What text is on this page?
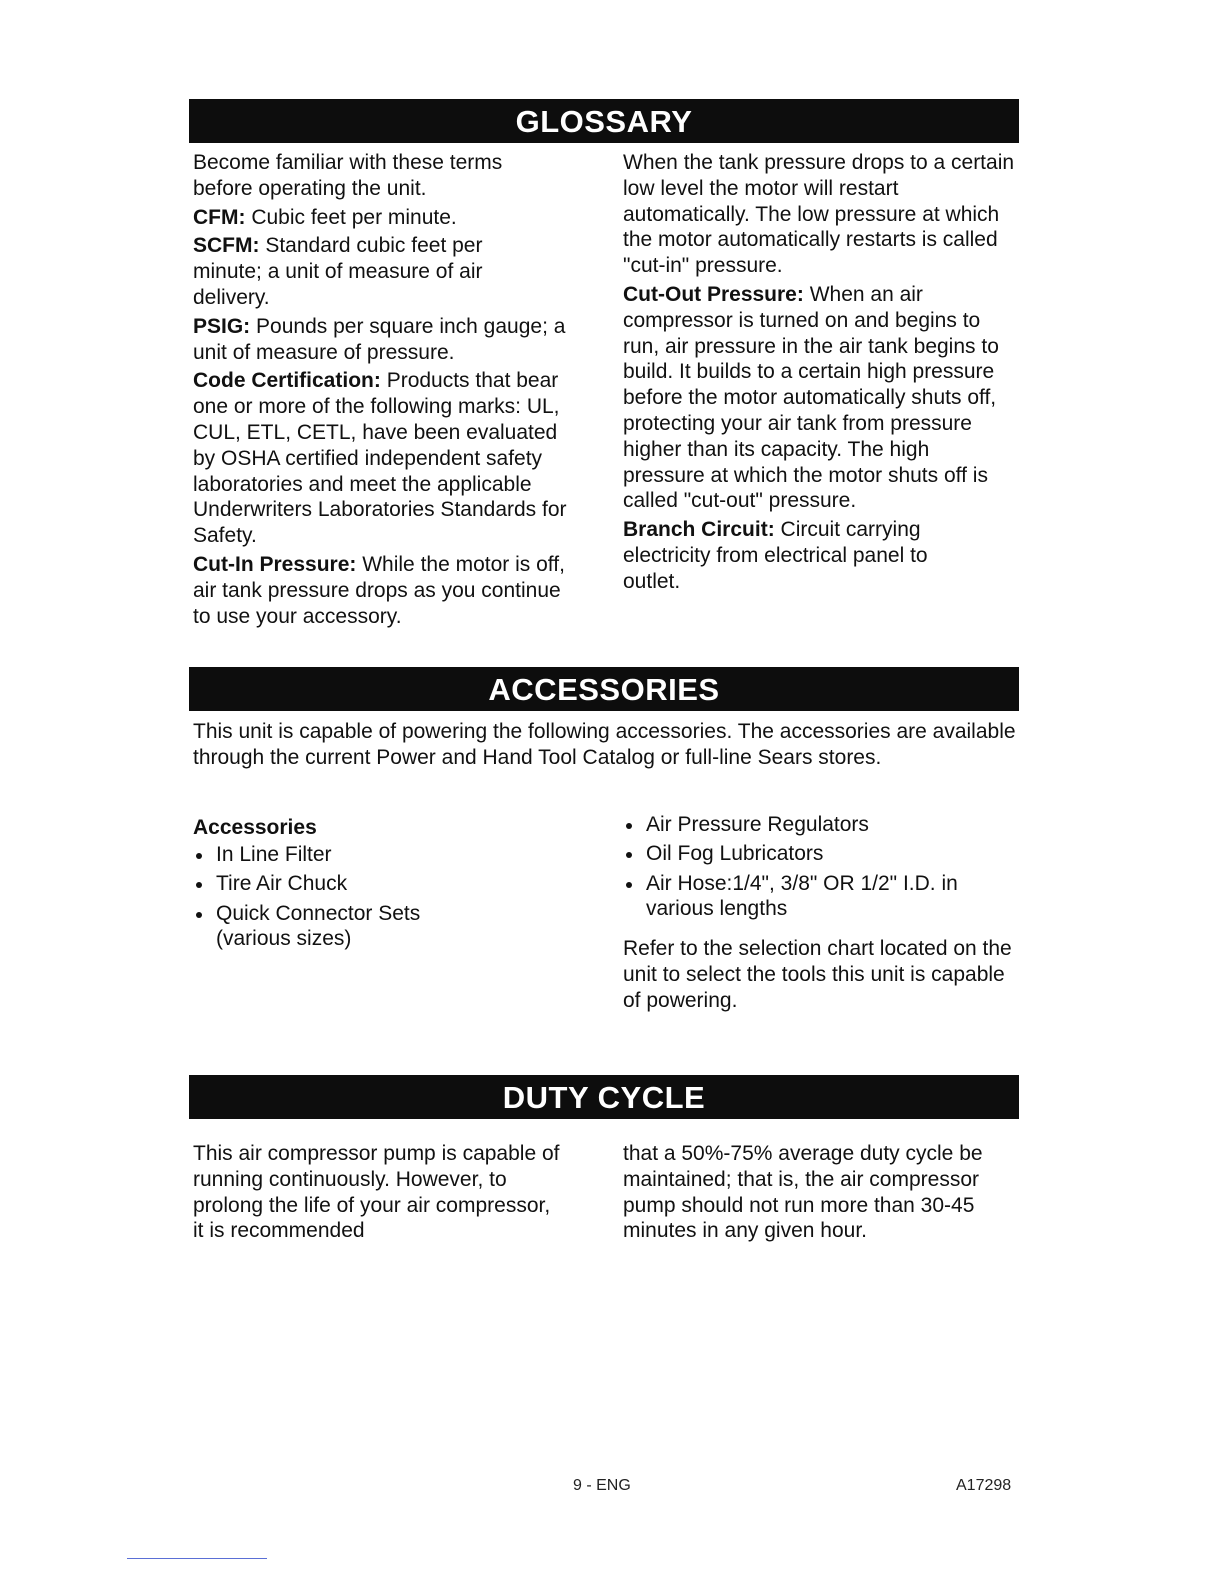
GLOSSARY

Become familiar with these terms before operating the unit.

CFM: Cubic feet per minute.

SCFM: Standard cubic feet per minute; a unit of measure of air delivery.

PSIG: Pounds per square inch gauge; a unit of measure of pressure.

Code Certification: Products that bear one or more of the following marks: UL, CUL, ETL, CETL, have been evaluated by OSHA certified independent safety laboratories and meet the applicable Underwriters Laboratories Standards for Safety.

Cut-In Pressure: While the motor is off, air tank pressure drops as you continue to use your accessory.

When the tank pressure drops to a certain low level the motor will restart automatically. The low pressure at which the motor automatically restarts is called "cut-in" pressure.

Cut-Out Pressure: When an air compressor is turned on and begins to run, air pressure in the air tank begins to build. It builds to a certain high pressure before the motor automatically shuts off, protecting your air tank from pressure higher than its capacity. The high pressure at which the motor shuts off is called "cut-out" pressure.

Branch Circuit: Circuit carrying electricity from electrical panel to outlet.

ACCESSORIES

This unit is capable of powering the following accessories. The accessories are available through the current Power and Hand Tool Catalog or full-line Sears stores.

Accessories
In Line Filter
Tire Air Chuck
Quick Connector Sets (various sizes)
Air Pressure Regulators
Oil Fog Lubricators
Air Hose:1/4", 3/8" OR 1/2" I.D. in various lengths

Refer to the selection chart located on the unit to select the tools this unit is capable of powering.

DUTY CYCLE

This air compressor pump is capable of running continuously. However, to prolong the life of your air compressor, it is recommended

that a 50%-75% average duty cycle be maintained; that is, the air compressor pump should not run more than 30-45 minutes in any given hour.

9 - ENG	A17298
